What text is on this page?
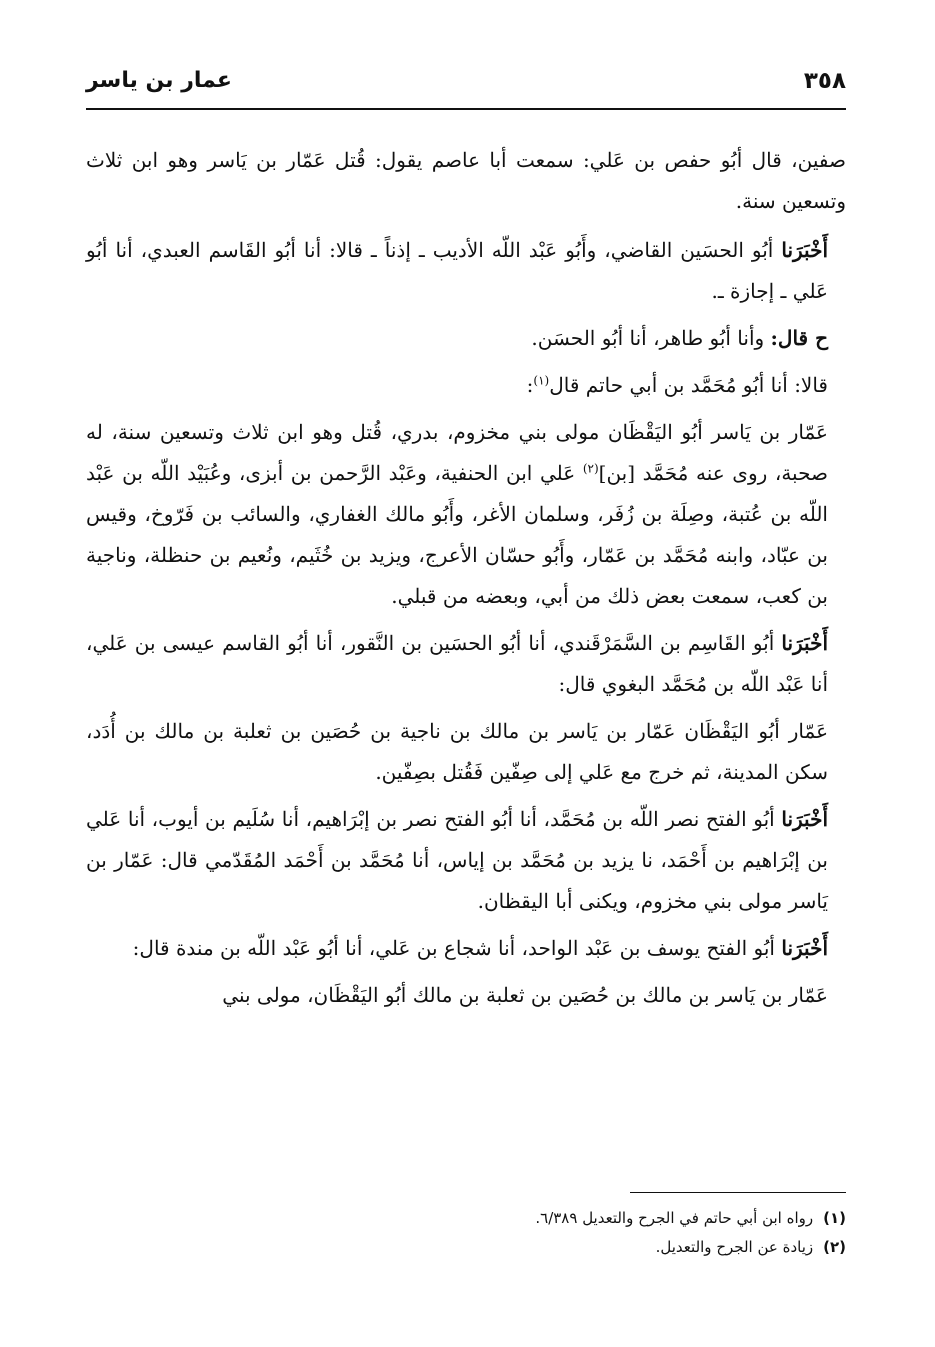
٣٥٨
عمار بن ياسر

صفين، قال أبُو حفص بن عَلي: سمعت أبا عاصم يقول: قُتل عَمّار بن يَاسر وهو ابن ثلاث وتسعين سنة.

أَخْبَرَنا أبُو الحسَين القاضي، وأَبُو عَبْد اللّه الأديب ـ إذناً ـ قالا: أنا أبُو القَاسم العبدي، أنا أبُو عَلي ـ إجازة ـ.

ح قال: وأنا أبُو طاهر، أنا أبُو الحسَن.

قالا: أنا أبُو مُحَمَّد بن أبي حاتم قال$^{(١)}$:

عَمّار بن يَاسر أبُو اليَقْظَان مولى بني مخزوم، بدري، قُتل وهو ابن ثلاث وتسعين سنة، له صحبة، روى عنه مُحَمَّد [بن]$^{(٢)}$ عَلي ابن الحنفية، وعَبْد الرَّحمن بن أبزى، وعُبَيْد اللّه بن عَبْد اللّه بن عُتبة، وصِلَة بن زُفَر، وسلمان الأغر، وأَبُو مالك الغفاري، والسائب بن فَرّوخ، وقيس بن عبّاد، وابنه مُحَمَّد بن عَمّار، وأَبُو حسّان الأعرج، ويزيد بن خُثَيم، ونُعيم بن حنظلة، وناجية بن كعب، سمعت بعض ذلك من أبي، وبعضه من قبلي.

أَخْبَرَنا أبُو القَاسِم بن السَّمَرْقَندي، أنا أبُو الحسَين بن النَّقور، أنا أبُو القاسم عيسى بن عَلي، أنا عَبْد اللّه بن مُحَمَّد البغوي قال:

عَمّار أبُو اليَقْظَان عَمّار بن يَاسر بن مالك بن ناجية بن حُصَين بن ثعلبة بن مالك بن أُدَد، سكن المدينة، ثم خرج مع عَلي إلى صِفّين فَقُتل بصِفّين.

أَخْبَرَنا أبُو الفتح نصر اللّه بن مُحَمَّد، أنا أبُو الفتح نصر بن إبْرَاهيم، أنا سُلَيم بن أيوب، أنا عَلي بن إبْرَاهيم بن أَحْمَد، نا يزيد بن مُحَمَّد بن إياس، أنا مُحَمَّد بن أَحْمَد المُقَدّمي قال: عَمّار بن يَاسر مولى بني مخزوم، ويكنى أبا اليقظان.

أَخْبَرَنا أبُو الفتح يوسف بن عَبْد الواحد، أنا شجاع بن عَلي، أنا أبُو عَبْد اللّه بن مندة قال:

عَمّار بن يَاسر بن مالك بن حُصَين بن ثعلبة بن مالك أبُو اليَقْظَان، مولى بني

(١)
رواه ابن أبي حاتم في الجرح والتعديل ٦/٣٨٩.
(٢)
زيادة عن الجرح والتعديل.
